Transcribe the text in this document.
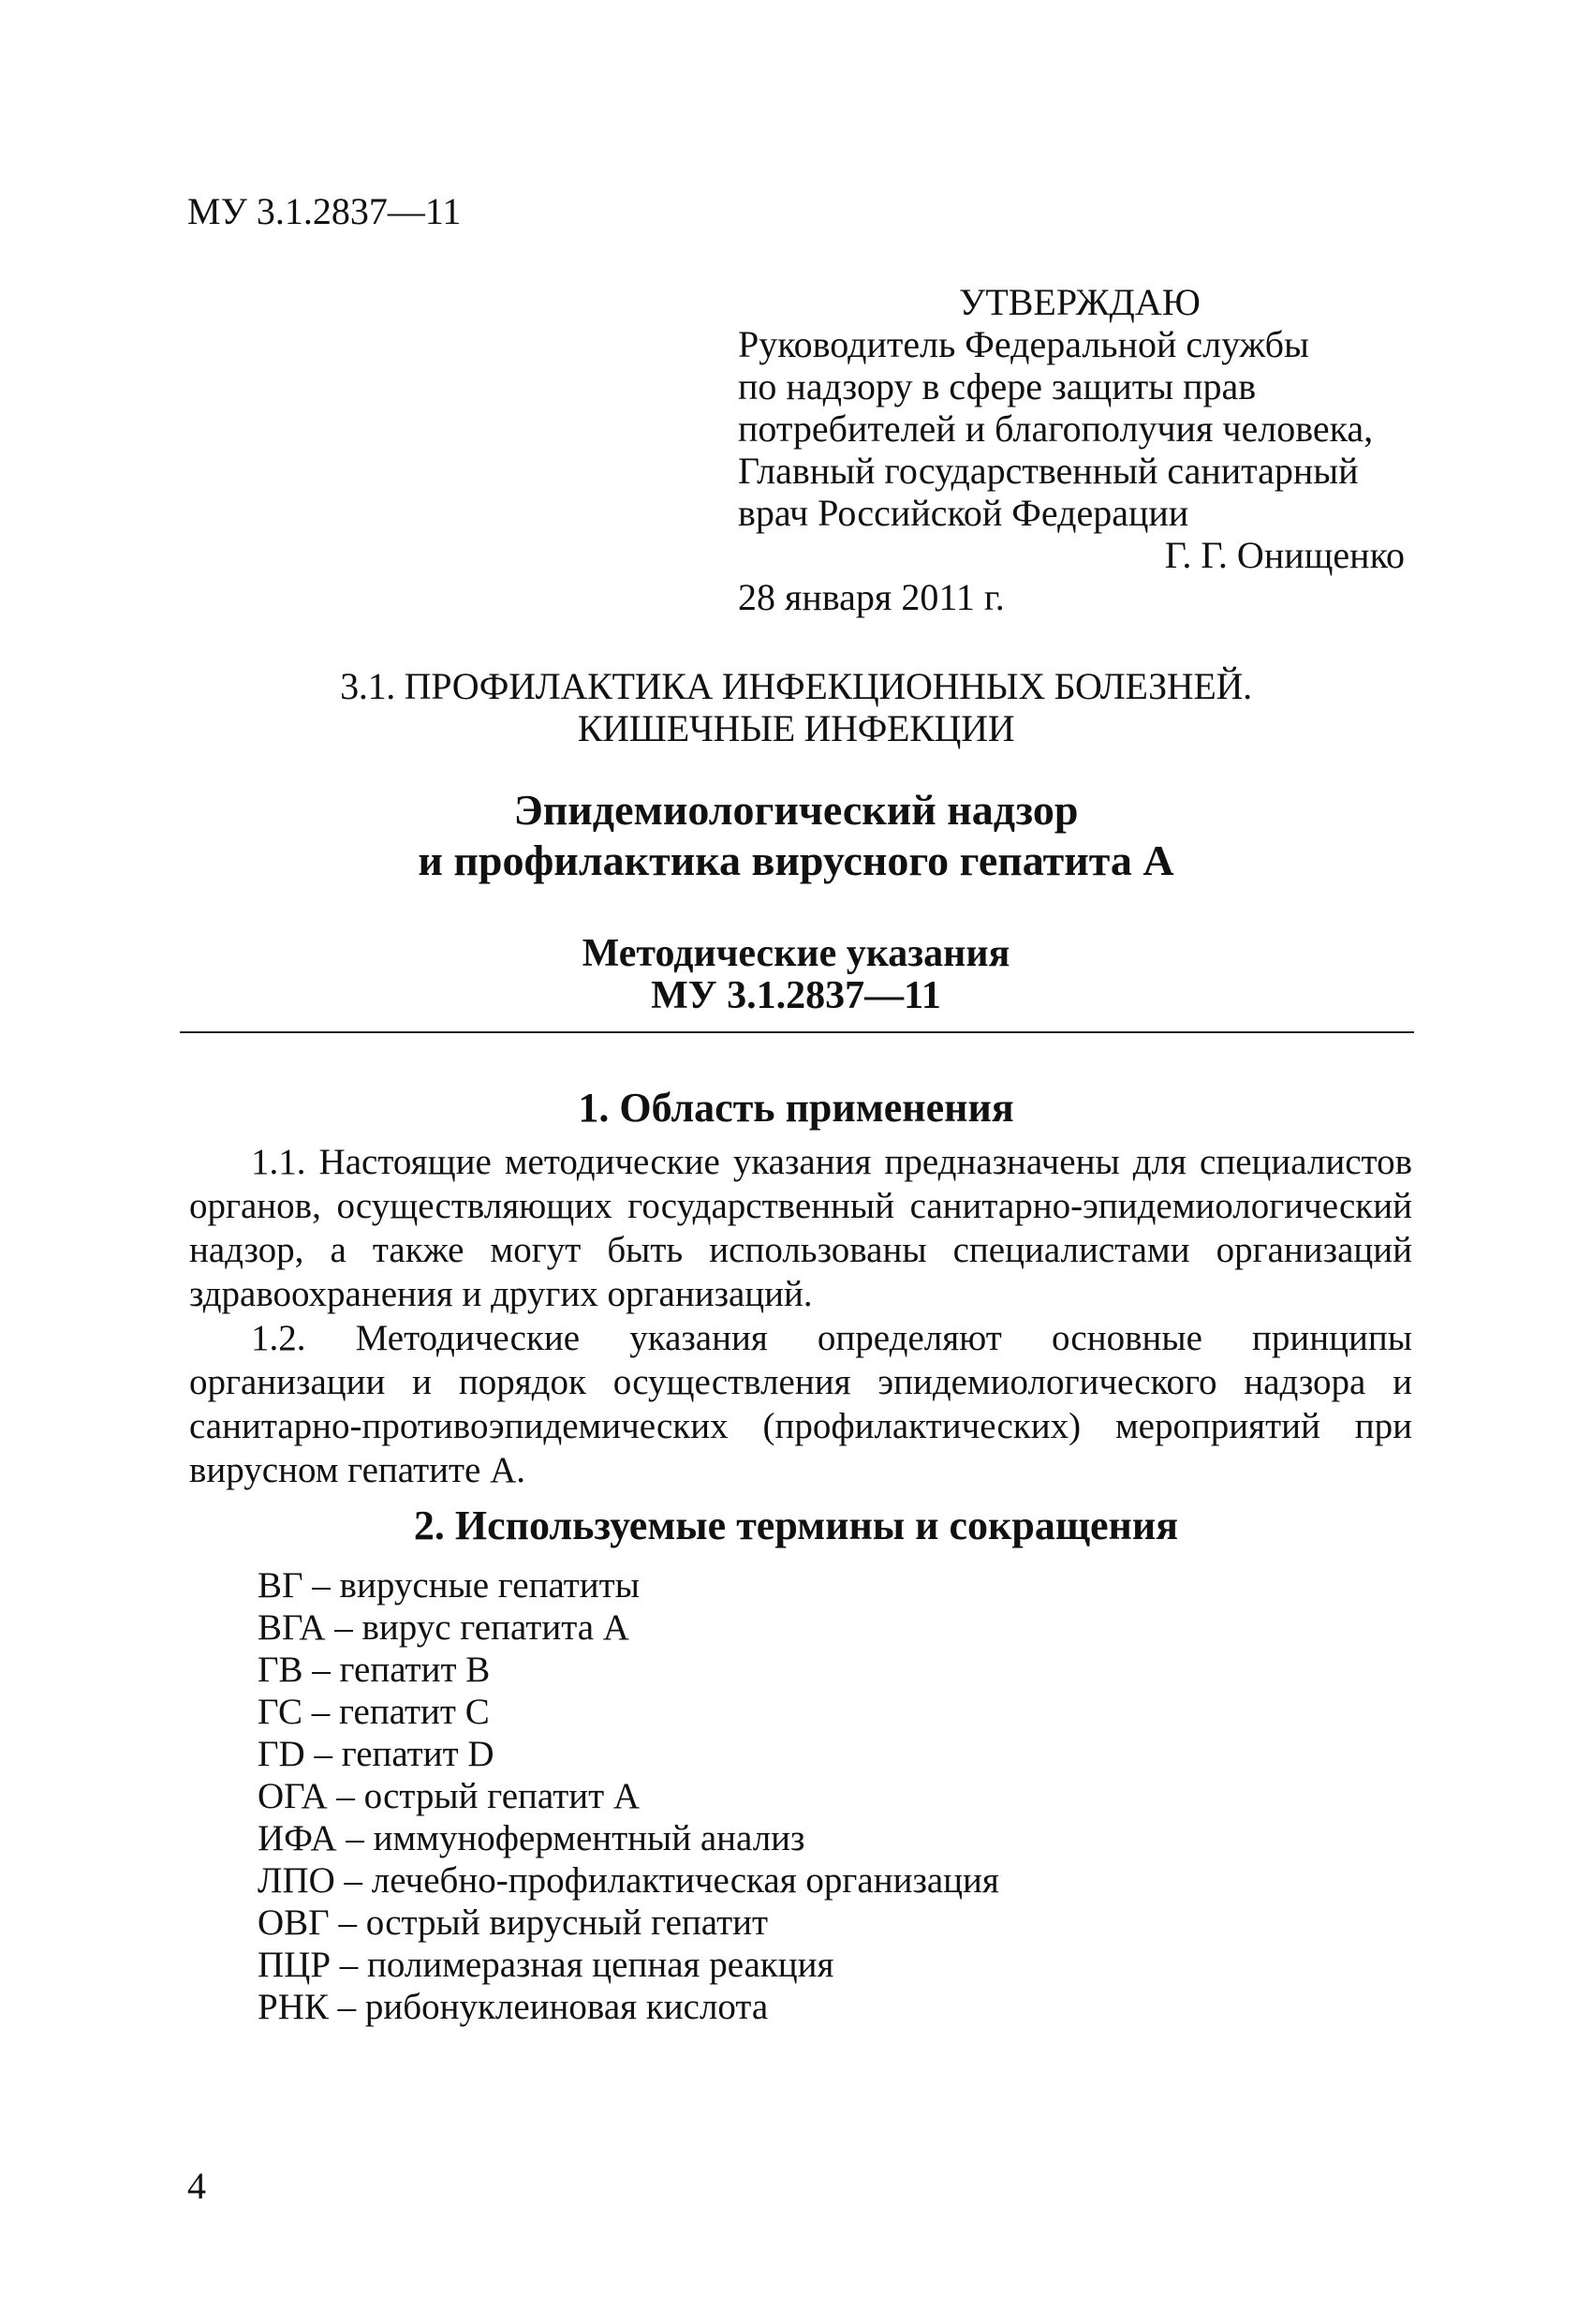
МУ 3.1.2837—11
УТВЕРЖДАЮ
Руководитель Федеральной службы
по надзору в сфере защиты прав
потребителей и благополучия человека,
Главный государственный санитарный
врач Российской Федерации
Г. Г. Онищенко
28 января 2011 г.
3.1. ПРОФИЛАКТИКА ИНФЕКЦИОННЫХ БОЛЕЗНЕЙ.
КИШЕЧНЫЕ ИНФЕКЦИИ
Эпидемиологический надзор
и профилактика вирусного гепатита А
Методические указания
МУ 3.1.2837—11
1. Область применения

1.1. Настоящие методические указания предназначены для специалистов органов, осуществляющих государственный санитарно-эпидемиологический надзор, а также могут быть использованы специалистами организаций здравоохранения и других организаций.

1.2. Методические указания определяют основные принципы организации и порядок осуществления эпидемиологического надзора и санитарно-противоэпидемических (профилактических) мероприятий при вирусном гепатите А.

2. Используемые термины и сокращения
ВГ – вирусные гепатиты
ВГА – вирус гепатита А
ГВ – гепатит В
ГС – гепатит С
ГD – гепатит D
ОГА – острый гепатит А
ИФА – иммуноферментный анализ
ЛПО – лечебно-профилактическая организация
ОВГ – острый вирусный гепатит
ПЦР – полимеразная цепная реакция
РНК – рибонуклеиновая кислота
4
